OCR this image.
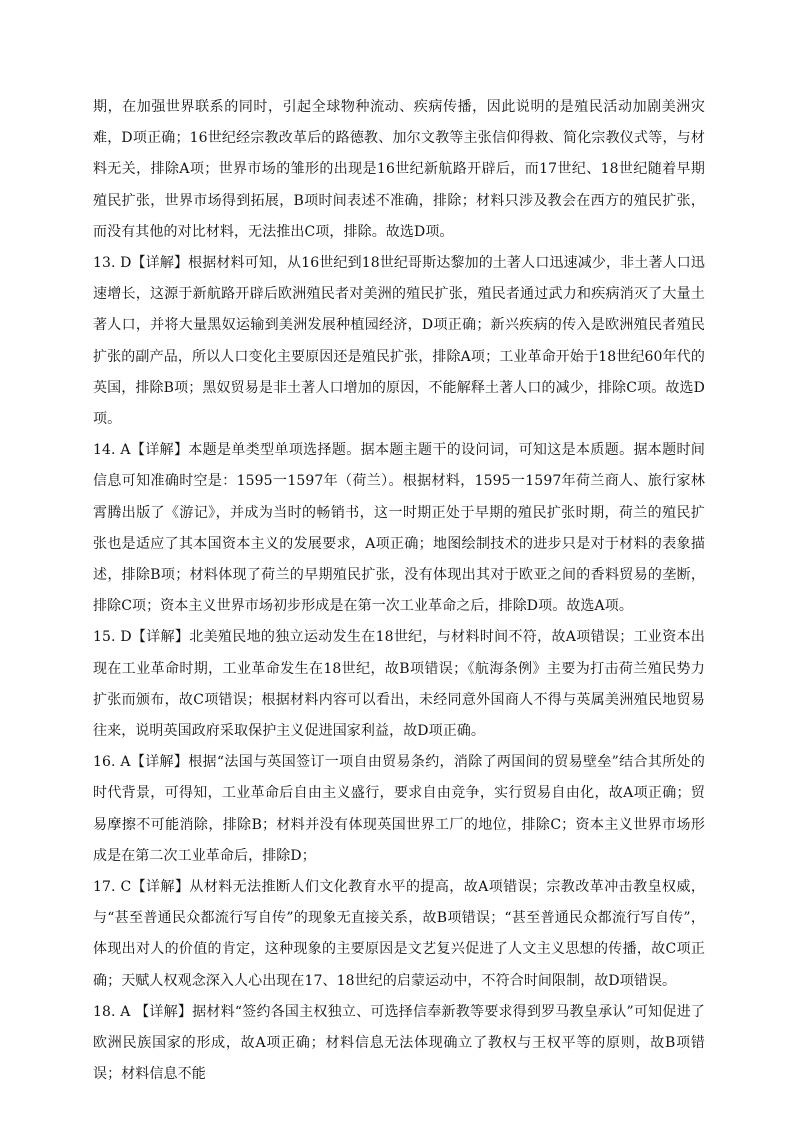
期，在加强世界联系的同时，引起全球物种流动、疾病传播，因此说明的是殖民活动加剧美洲灾难，D项正确；16世纪经宗教改革后的路德教、加尔文教等主张信仰得救、简化宗教仪式等，与材料无关，排除A项；世界市场的雏形的出现是16世纪新航路开辟后，而17世纪、18世纪随着早期殖民扩张，世界市场得到拓展，B项时间表述不准确，排除；材料只涉及教会在西方的殖民扩张，而没有其他的对比材料，无法推出C项，排除。故选D项。

13. D【详解】根据材料可知，从16世纪到18世纪哥斯达黎加的土著人口迅速减少，非土著人口迅速增长，这源于新航路开辟后欧洲殖民者对美洲的殖民扩张，殖民者通过武力和疾病消灭了大量土著人口，并将大量黑奴运输到美洲发展种植园经济，D项正确；新兴疾病的传入是欧洲殖民者殖民扩张的副产品，所以人口变化主要原因还是殖民扩张，排除A项；工业革命开始于18世纪60年代的英国，排除B项；黑奴贸易是非土著人口增加的原因，不能解释土著人口的减少，排除C项。故选D项。

14. A【详解】本题是单类型单项选择题。据本题主题干的设问词，可知这是本质题。据本题时间信息可知准确时空是：1595一1597年（荷兰）。根据材料，1595一1597年荷兰商人、旅行家林霄腾出版了《游记》，并成为当时的畅销书，这一时期正处于早期的殖民扩张时期，荷兰的殖民扩张也是适应了其本国资本主义的发展要求，A项正确；地图绘制技术的进步只是对于材料的表象描述，排除B项；材料体现了荷兰的早期殖民扩张，没有体现出其对于欧亚之间的香料贸易的垄断，排除C项；资本主义世界市场初步形成是在第一次工业革命之后，排除D项。故选A项。

15. D【详解】北美殖民地的独立运动发生在18世纪，与材料时间不符，故A项错误；工业资本出现在工业革命时期，工业革命发生在18世纪，故B项错误；《航海条例》主要为打击荷兰殖民势力扩张而颁布，故C项错误；根据材料内容可以看出，未经同意外国商人不得与英属美洲殖民地贸易往来，说明英国政府采取保护主义促进国家利益，故D项正确。

16. A【详解】根据“法国与英国签订一项自由贸易条约，消除了两国间的贸易壁垒”结合其所处的时代背景，可得知，工业革命后自由主义盛行，要求自由竞争，实行贸易自由化，故A项正确；贸易摩擦不可能消除，排除B；材料并没有体现英国世界工厂的地位，排除C；资本主义世界市场形成是在第二次工业革命后，排除D；

17. C【详解】从材料无法推断人们文化教育水平的提高，故A项错误；宗教改革冲击教皇权威，与“甚至普通民众都流行写自传”的现象无直接关系，故B项错误；“甚至普通民众都流行写自传”，体现出对人的价值的肯定，这种现象的主要原因是文艺复兴促进了人文主义思想的传播，故C项正确；天赋人权观念深入人心出现在17、18世纪的启蒙运动中，不符合时间限制，故D项错误。

18. A 【详解】据材料“签约各国主权独立、可选择信奉新教等要求得到罗马教皇承认”可知促进了欧洲民族国家的形成，故A项正确；材料信息无法体现确立了教权与王权平等的原则，故B项错误；材料信息不能
